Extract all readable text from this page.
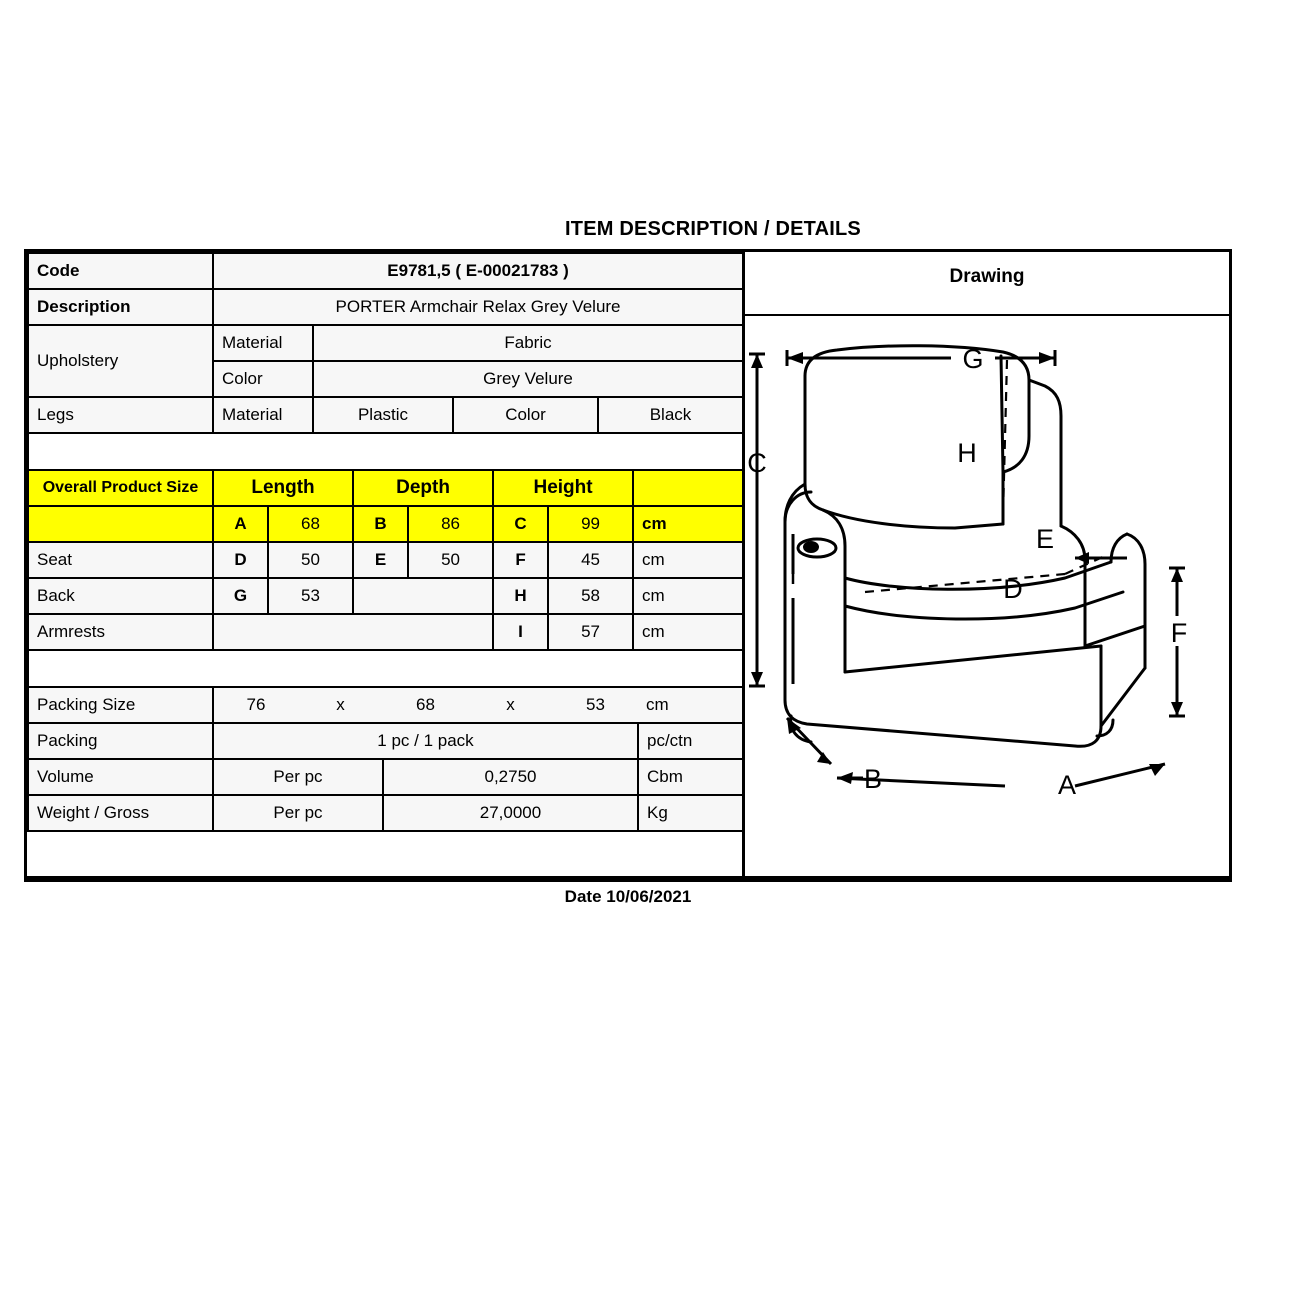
ITEM DESCRIPTION / DETAILS
Code	E9781,5 ( E-00021783 )			
Description	PORTER Armchair Relax Grey Velure			
Upholstery	Material	Fabric		
	Color	Grey Velure		
Legs	Material	Plastic	Color	Black

Overall Product Size	Length		Depth		Height		
	A	68	B	86	C	99	cm
Seat	D	50	E	50	F	45	cm
Back	G	53			H	58	cm
Armrests					I	57	cm

Packing Size	76	x	68	x	53	cm
Packing	1 pc / 1 pack					pc/ctn
Volume	Per pc		0,2750			Cbm
Weight / Gross	Per pc		27,0000			Kg
Drawing
G
H
C
I
E
D
F
A
B
Date 10/06/2021
